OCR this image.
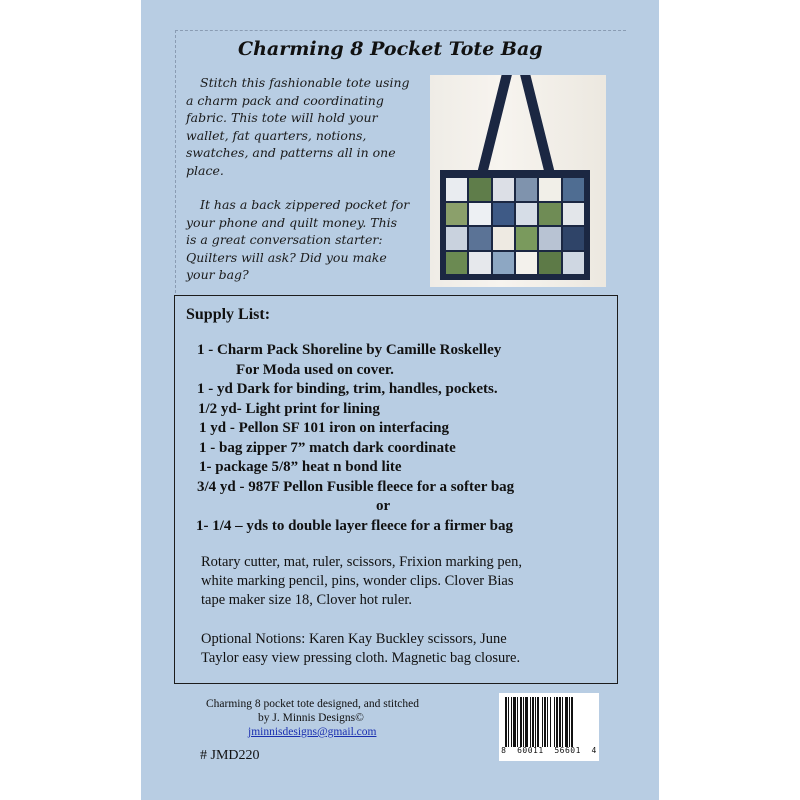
Charming 8 Pocket Tote Bag

Stitch this fashionable tote using
a charm pack and coordinating
fabric. This tote will hold your
wallet, fat quarters, notions,
swatches, and patterns all in one
place.

It has a back zippered pocket for
your phone and quilt money. This
is a great conversation starter:
Quilters will ask? Did you make
your bag?

Supply List:
1 - Charm Pack Shoreline by Camille Roskelley
For Moda used on cover.
1 - yd Dark for binding, trim, handles, pockets.
1/2 yd- Light print for lining
1 yd - Pellon SF 101 iron on interfacing
1 - bag zipper 7” match dark coordinate
1- package 5/8” heat n bond lite
3/4 yd - 987F Pellon Fusible fleece for a softer bag
or
1- 1/4 – yds to double layer fleece for a firmer bag

Rotary cutter, mat, ruler, scissors, Frixion marking pen,
white marking pencil, pins, wonder clips. Clover Bias
tape maker size 18, Clover hot ruler.

Optional Notions: Karen Kay Buckley scissors, June
Taylor easy view pressing cloth. Magnetic bag closure.

Charming 8 pocket tote designed, and stitched
by J. Minnis Designs©
jminnisdesigns@gmail.com
# JMD220	8 60011 56601 4
